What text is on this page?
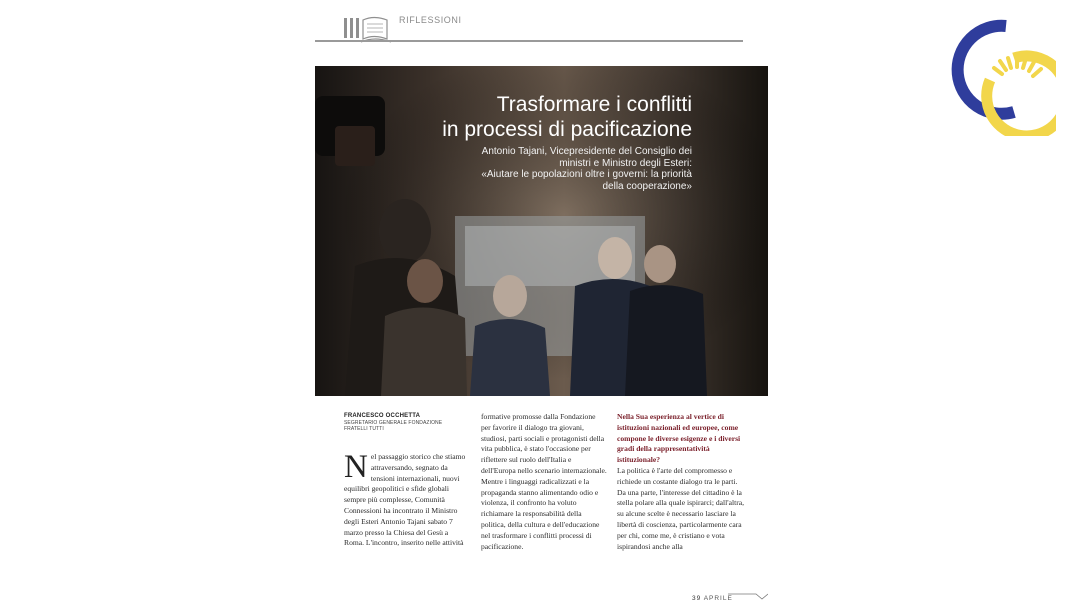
RIFLESSIONI
Trasformare i conflitti
in processi di pacificazione
Antonio Tajani, Vicepresidente del Consiglio dei
ministri e Ministro degli Esteri:
«Aiutare le popolazioni oltre i governi: la priorità
della cooperazione»
FRANCESCO OCCHETTA
SEGRETARIO GENERALE FONDAZIONE FRATELLI TUTTI
Nel passaggio storico che stiamo attraversando, segnato da tensioni internazionali, nuovi equilibri geopolitici e sfide globali sempre più complesse, Comunità Connessioni ha incontrato il Ministro degli Esteri Antonio Tajani sabato 7 marzo presso la Chiesa del Gesù a Roma. L'incontro, inserito nelle attività
formative promosse dalla Fondazione per favorire il dialogo tra giovani, studiosi, parti sociali e protagonisti della vita pubblica, è stato l'occasione per riflettere sul ruolo dell'Italia e dell'Europa nello scenario internazionale. Mentre i linguaggi radicalizzati e la propaganda stanno alimentando odio e violenza, il confronto ha voluto richiamare la responsabilità della politica, della cultura e dell'educazione nel trasformare i conflitti processi di pacificazione.
Nella Sua esperienza al vertice di istituzioni nazionali ed europee, come compone le diverse esigenze e i diversi gradi della rappresentatività istituzionale?
La politica è l'arte del compromesso e richiede un costante dialogo tra le parti. Da una parte, l'interesse del cittadino è la stella polare alla quale ispirarci; dall'altra, su alcune scelte è necessario lasciare la libertà di coscienza, particolarmente cara per chi, come me, è cristiano e vota ispirandosi anche alla
39 APRILE
